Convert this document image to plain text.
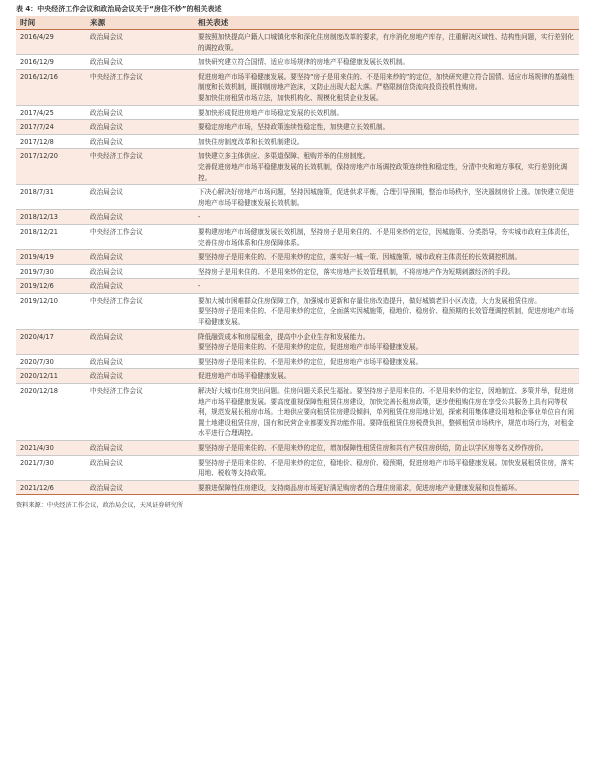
表 4：中央经济工作会议和政治局会议关于“房住不炒”的相关表述
时间	来源	相关表述
2016/4/29	政治局会议	要按照加快提高户籍人口城镇化率和深化住房制度改革的要求，有序消化房地产库存，注重解决区域性、结构性问题，实行差别化的调控政策。

2016/12/9	政治局会议	加快研究建立符合国情、适应市场规律的房地产平稳健康发展长效机制。

2016/12/16	中央经济工作会议	促进房地产市场平稳健康发展。要坚持“房子是用来住的、不是用来炒的”的定位，加快研究建立符合国情、适应市场规律的基础性制度和长效机制，既抑制房地产泡沫，又防止出现大起大落。严格限制信贷流向投资投机性购房。
要加快住房租赁市场立法，加快机构化、规模化租赁企业发展。

2017/4/25	政治局会议	要加快形成促进房地产市场稳定发展的长效机制。

2017/7/24	政治局会议	要稳定房地产市场，坚持政策连续性稳定性，加快建立长效机制。

2017/12/8	政治局会议	加快住房制度改革和长效机制建设。

2017/12/20	中央经济工作会议	加快建立多主体供应、多渠道保障、租购并举的住房制度。
完善促进房地产市场平稳健康发展的长效机制，保持房地产市场调控政策连续性和稳定性，分清中央和地方事权，实行差别化调控。

2018/7/31	政治局会议	下决心解决好房地产市场问题，坚持因城施策，促进供求平衡，合理引导预期，整治市场秩序，坚决遏制房价上涨。加快建立促进房地产市场平稳健康发展长效机制。

2018/12/13	政治局会议	-

2018/12/21	中央经济工作会议	要构建房地产市场健康发展长效机制，坚持房子是用来住的、不是用来炒的定位，因城施策、分类指导，夯实城市政府主体责任，完善住房市场体系和住房保障体系。

2019/4/19	政治局会议	要坚持房子是用来住的、不是用来炒的定位，落实好一城一策、因城施策、城市政府主体责任的长效调控机制。

2019/7/30	政治局会议	坚持房子是用来住的、不是用来炒的定位，落实房地产长效管理机制，不将房地产作为短期刺激经济的手段。

2019/12/6	政治局会议	-

2019/12/10	中央经济工作会议	要加大城市困难群众住房保障工作，加强城市更新和存量住房改造提升，做好城镇老旧小区改造，大力发展租赁住房。
要坚持房子是用来住的、不是用来炒的定位，全面落实因城施策，稳地价、稳房价、稳预期的长效管理调控机制，促进房地产市场平稳健康发展。

2020/4/17	政治局会议	降低融资成本和房屋租金，提高中小企业生存和发展能力。
要坚持房子是用来住的、不是用来炒的定位，促进房地产市场平稳健康发展。

2020/7/30	政治局会议	要坚持房子是用来住的、不是用来炒的定位，促进房地产市场平稳健康发展。

2020/12/11	政治局会议	促进房地产市场平稳健康发展。

2020/12/18	中央经济工作会议	解决好大城市住房突出问题。住房问题关系民生福祉。要坚持房子是用来住的、不是用来炒的定位，因地制宜、多策并举，促进房地产市场平稳健康发展。要高度重视保障性租赁住房建设，加快完善长租房政策，逐步使租购住房在享受公共服务上具有同等权利，规范发展长租房市场。土地供应要向租赁住房建设倾斜，单列租赁住房用地计划，探索利用集体建设用地和企事业单位自有闲置土地建设租赁住房，国有和民营企业都要发挥功能作用。要降低租赁住房税费负担，整顿租赁市场秩序，规范市场行为，对租金水平进行合理调控。

2021/4/30	政治局会议	要坚持房子是用来住的、不是用来炒的定位，增加保障性租赁住房和共有产权住房供给，防止以学区房等名义炒作房价。

2021/7/30	政治局会议	要坚持房子是用来住的、不是用来炒的定位，稳地价、稳房价、稳预期，促进房地产市场平稳健康发展。加快发展租赁住房，落实用地、税收等支持政策。

2021/12/6	政治局会议	要推进保障性住房建设，支持商品房市场更好满足购房者的合理住房需求，促进房地产业健康发展和良性循环。
资料来源：中央经济工作会议，政治局会议，天风证券研究所
